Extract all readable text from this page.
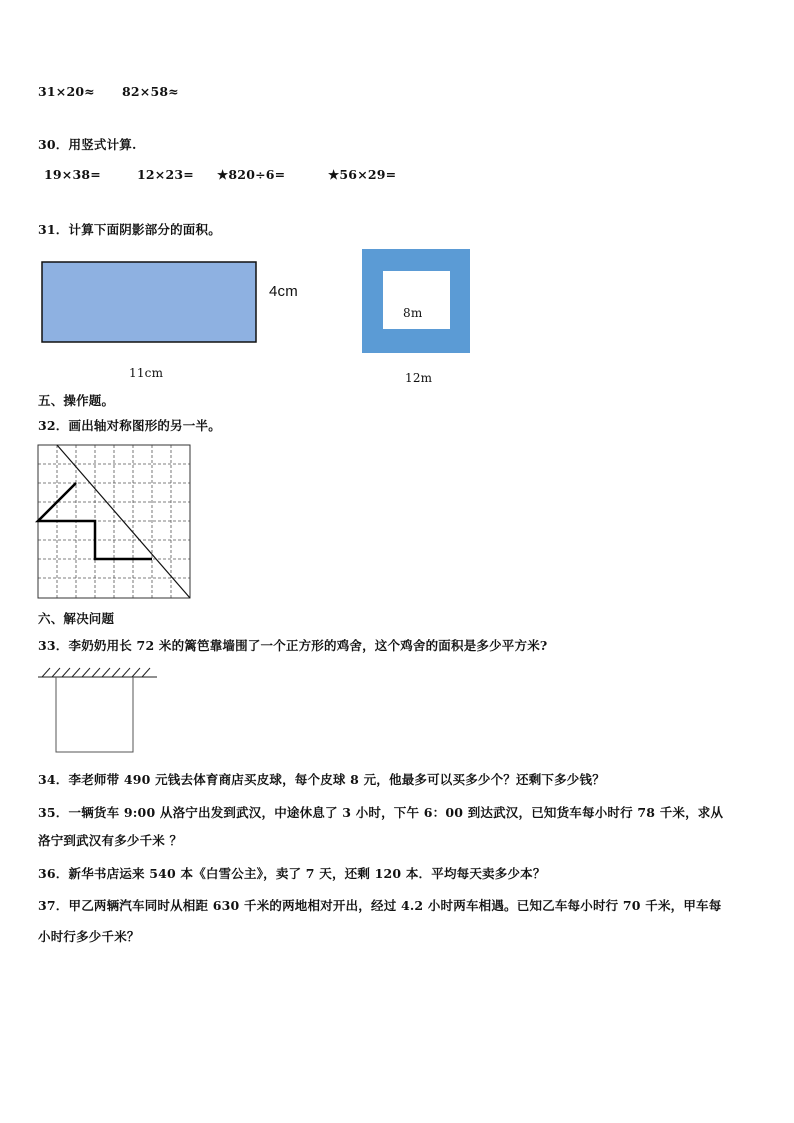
31×20≈ 82×58≈
30．用竖式计算.
19×38=	12×23= ★820÷6=	★56×29=
31．计算下面阴影部分的面积。
4cm
11cm
8m
12m
五、操作题。
32．画出轴对称图形的另一半。
六、解决问题
33．李奶奶用长 72 米的篱笆靠墙围了一个正方形的鸡舍，这个鸡舍的面积是多少平方米?
34．李老师带 490 元钱去体育商店买皮球，每个皮球 8 元，他最多可以买多少个？还剩下多少钱？
35．一辆货车 9:00 从洛宁出发到武汉，中途休息了 3 小时，下午 6：00 到达武汉，已知货车每小时行 78 千米，求从
洛宁到武汉有多少千米 ？
36．新华书店运来 540 本《白雪公主》，卖了 7 天，还剩 120 本．平均每天卖多少本？
37．甲乙两辆汽车同时从相距 630 千米的两地相对开出，经过 4.2 小时两车相遇。已知乙车每小时行 70 千米，甲车每
小时行多少千米？
